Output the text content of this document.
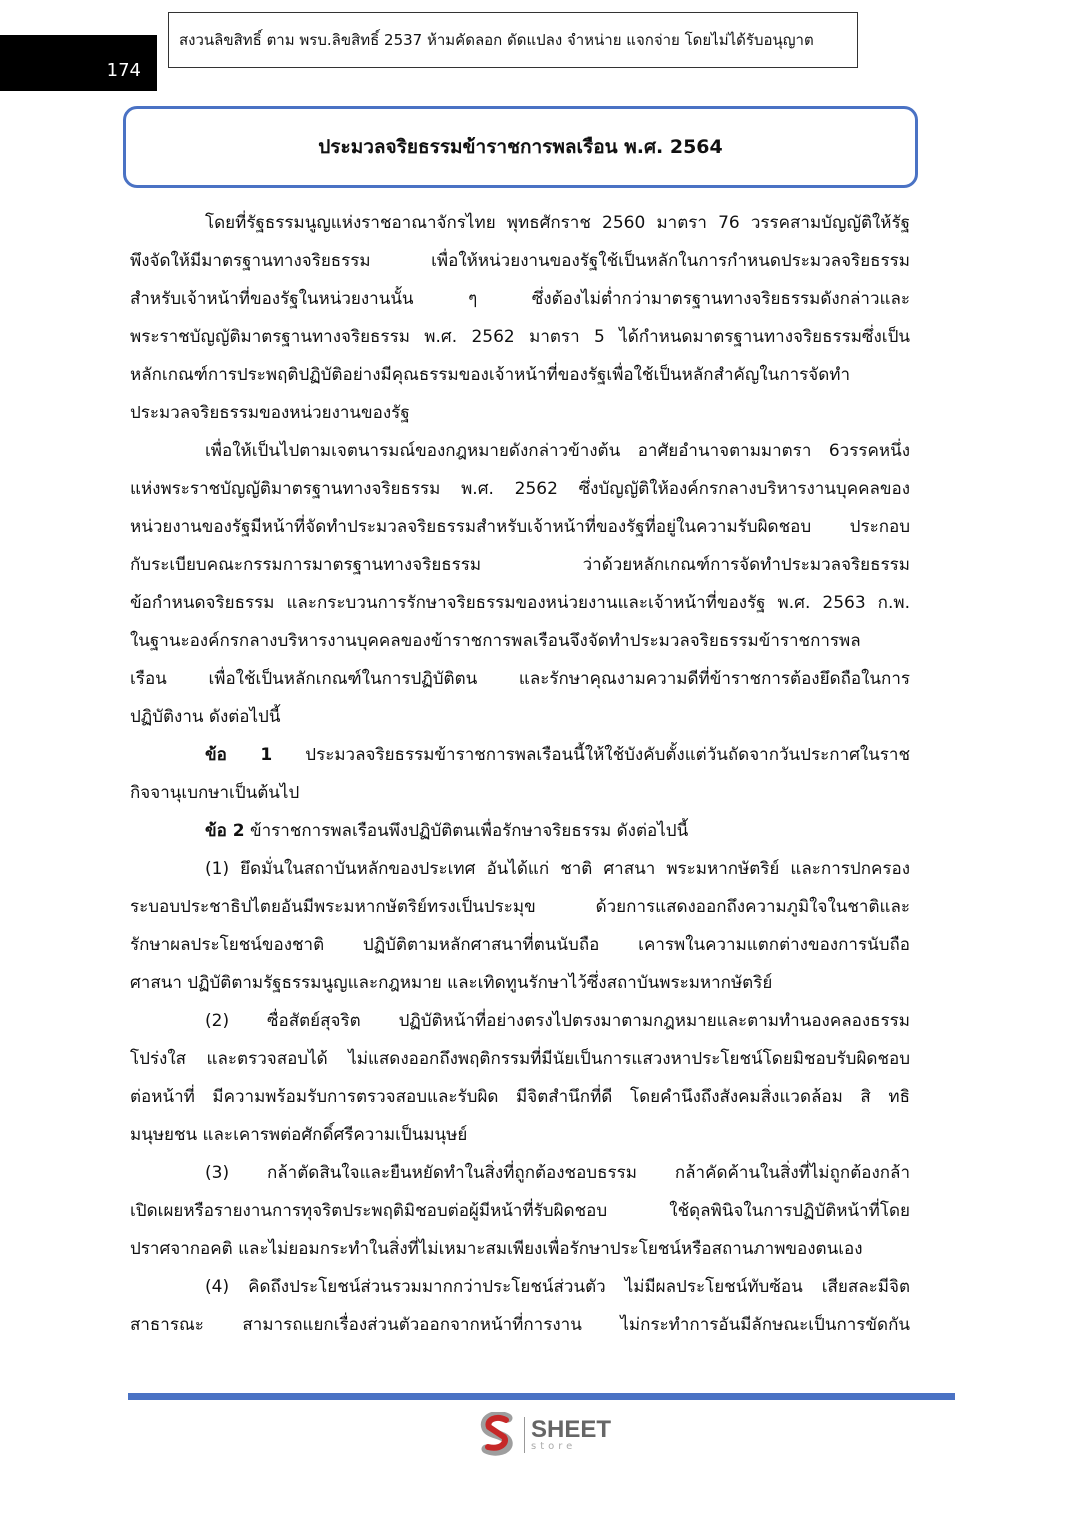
174
สงวนลิขสิทธิ์ ตาม พรบ.ลิขสิทธิ์ 2537 ห้ามคัดลอก ดัดแปลง จำหน่าย แจกจ่าย โดยไม่ได้รับอนุญาต
ประมวลจริยธรรมข้าราชการพลเรือน พ.ศ. 2564
โดยที่รัฐธรรมนูญแห่งราชอาณาจักรไทย พุทธศักราช 2560 มาตรา 76 วรรคสามบัญญัติให้รัฐ
พึงจัดให้มีมาตรฐานทางจริยธรรม เพื่อให้หน่วยงานของรัฐใช้เป็นหลักในการกำหนดประมวลจริยธรรม
สำหรับเจ้าหน้าที่ของรัฐในหน่วยงานนั้น ๆ ซึ่งต้องไม่ต่ำกว่ามาตรฐานทางจริยธรรมดังกล่าวและ
พระราชบัญญัติมาตรฐานทางจริยธรรม พ.ศ. 2562 มาตรา 5 ได้กำหนดมาตรฐานทางจริยธรรมซึ่งเป็น
หลักเกณฑ์การประพฤติปฏิบัติอย่างมีคุณธรรมของเจ้าหน้าที่ของรัฐเพื่อใช้เป็นหลักสำคัญในการจัดทำ
ประมวลจริยธรรมของหน่วยงานของรัฐ
เพื่อให้เป็นไปตามเจตนารมณ์ของกฎหมายดังกล่าวข้างต้น อาศัยอำนาจตามมาตรา 6วรรคหนึ่ง
แห่งพระราชบัญญัติมาตรฐานทางจริยธรรม พ.ศ. 2562 ซึ่งบัญญัติให้องค์กรกลางบริหารงานบุคคลของ
หน่วยงานของรัฐมีหน้าที่จัดทำประมวลจริยธรรมสำหรับเจ้าหน้าที่ของรัฐที่อยู่ในความรับผิดชอบ ประกอบ
กับระเบียบคณะกรรมการมาตรฐานทางจริยธรรม ว่าด้วยหลักเกณฑ์การจัดทำประมวลจริยธรรม
ข้อกำหนดจริยธรรม และกระบวนการรักษาจริยธรรมของหน่วยงานและเจ้าหน้าที่ของรัฐ พ.ศ. 2563 ก.พ.
ในฐานะองค์กรกลางบริหารงานบุคคลของข้าราชการพลเรือนจึงจัดทำประมวลจริยธรรมข้าราชการพล
เรือน เพื่อใช้เป็นหลักเกณฑ์ในการปฏิบัติตน และรักษาคุณงามความดีที่ข้าราชการต้องยึดถือในการ
ปฏิบัติงาน ดังต่อไปนี้
ข้อ 1 ประมวลจริยธรรมข้าราชการพลเรือนนี้ให้ใช้บังคับตั้งแต่วันถัดจากวันประกาศในราช
กิจจานุเบกษาเป็นต้นไป
ข้อ 2 ข้าราชการพลเรือนพึงปฏิบัติตนเพื่อรักษาจริยธรรม ดังต่อไปนี้
(1) ยึดมั่นในสถาบันหลักของประเทศ อันได้แก่ ชาติ ศาสนา พระมหากษัตริย์ และการปกครอง
ระบอบประชาธิปไตยอันมีพระมหากษัตริย์ทรงเป็นประมุข ด้วยการแสดงออกถึงความภูมิใจในชาติและ
รักษาผลประโยชน์ของชาติ ปฏิบัติตามหลักศาสนาที่ตนนับถือ เคารพในความแตกต่างของการนับถือ
ศาสนา ปฏิบัติตามรัฐธรรมนูญและกฎหมาย และเทิดทูนรักษาไว้ซึ่งสถาบันพระมหากษัตริย์
(2) ซื่อสัตย์สุจริต ปฏิบัติหน้าที่อย่างตรงไปตรงมาตามกฎหมายและตามทำนองคลองธรรม
โปร่งใส และตรวจสอบได้ ไม่แสดงออกถึงพฤติกรรมที่มีนัยเป็นการแสวงหาประโยชน์โดยมิชอบรับผิดชอบ
ต่อหน้าที่ มีความพร้อมรับการตรวจสอบและรับผิด มีจิตสำนึกที่ดี โดยคำนึงถึงสังคมสิ่งแวดล้อม สิ ทธิ
มนุษยชน และเคารพต่อศักดิ์ศรีความเป็นมนุษย์
(3) กล้าตัดสินใจและยืนหยัดทำในสิ่งที่ถูกต้องชอบธรรม กล้าคัดค้านในสิ่งที่ไม่ถูกต้องกล้า
เปิดเผยหรือรายงานการทุจริตประพฤติมิชอบต่อผู้มีหน้าที่รับผิดชอบ ใช้ดุลพินิจในการปฏิบัติหน้าที่โดย
ปราศจากอคติ และไม่ยอมกระทำในสิ่งที่ไม่เหมาะสมเพียงเพื่อรักษาประโยชน์หรือสถานภาพของตนเอง
(4) คิดถึงประโยชน์ส่วนรวมมากกว่าประโยชน์ส่วนตัว ไม่มีผลประโยชน์ทับซ้อน เสียสละมีจิต
สาธารณะ สามารถแยกเรื่องส่วนตัวออกจากหน้าที่การงาน ไม่กระทำการอันมีลักษณะเป็นการขัดกัน
SHEET
store
